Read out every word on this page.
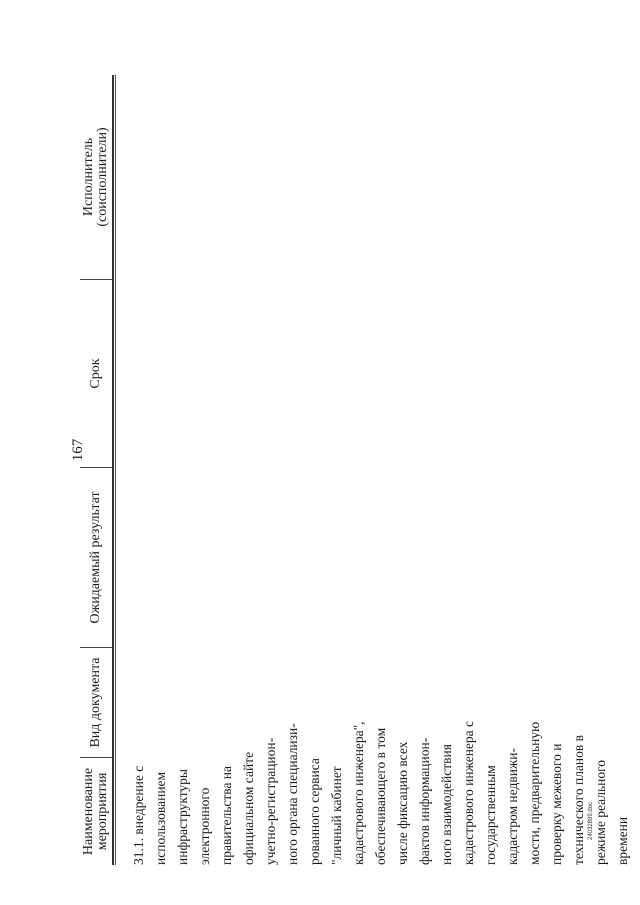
167
Наименование
мероприятия
Вид документа
Ожидаемый результат
Срок
Исполнитель
(соисполнители)
31.1. внедрение с
использованием
инфраструктуры
электронного
правительства на
официальном сайте
учетно-регистрацион-
ного органа специализи-
рованного сервиса
"личный кабинет
кадастрового инженера",
обеспечивающего в том
числе фиксацию всех
фактов информацион-
ного взаимодействия
кадастрового инженера с
государственным
кадастром недвижи-
мости, предварительную
проверку межевого и
технического планов в
режиме реального
времени
24032899.doc
